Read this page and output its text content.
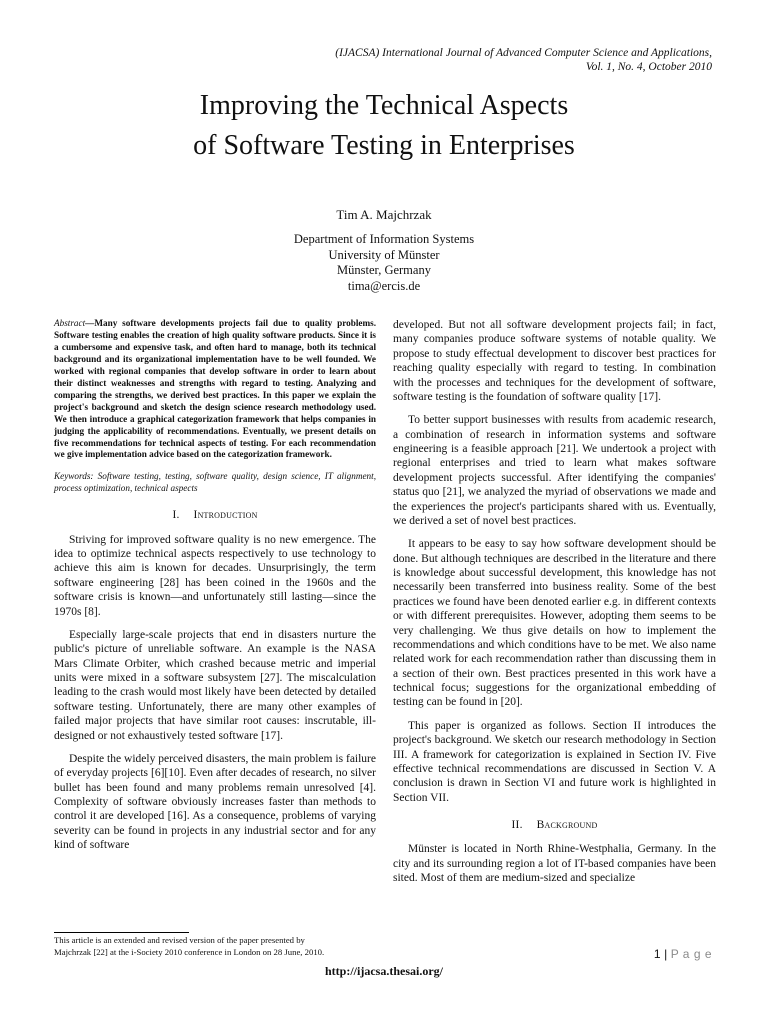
(IJACSA) International Journal of Advanced Computer Science and Applications,
Vol. 1, No. 4, October 2010
Improving the Technical Aspects
of Software Testing in Enterprises
Tim A. Majchrzak
Department of Information Systems
University of Münster
Münster, Germany
tima@ercis.de
Abstract—Many software developments projects fail due to quality problems. Software testing enables the creation of high quality software products. Since it is a cumbersome and expensive task, and often hard to manage, both its technical background and its organizational implementation have to be well founded. We worked with regional companies that develop software in order to learn about their distinct weaknesses and strengths with regard to testing. Analyzing and comparing the strengths, we derived best practices. In this paper we explain the project's background and sketch the design science research methodology used. We then introduce a graphical categorization framework that helps companies in judging the applicability of recommendations. Eventually, we present details on five recommendations for technical aspects of testing. For each recommendation we give implementation advice based on the categorization framework.
Keywords: Software testing, testing, software quality, design science, IT alignment, process optimization, technical aspects
I. Introduction

Striving for improved software quality is no new emergence. The idea to optimize technical aspects respectively to use technology to achieve this aim is known for decades. Unsurprisingly, the term software engineering [28] has been coined in the 1960s and the software crisis is known—and unfortunately still lasting—since the 1970s [8].

Especially large-scale projects that end in disasters nurture the public's picture of unreliable software. An example is the NASA Mars Climate Orbiter, which crashed because metric and imperial units were mixed in a software subsystem [27]. The miscalculation leading to the crash would most likely have been detected by detailed software testing. Unfortunately, there are many other examples of failed major projects that have similar root causes: inscrutable, ill-designed or not exhaustively tested software [17].

Despite the widely perceived disasters, the main problem is failure of everyday projects [6][10]. Even after decades of research, no silver bullet has been found and many problems remain unresolved [4]. Complexity of software obviously increases faster than methods to control it are developed [16]. As a consequence, problems of varying severity can be found in projects in any industrial sector and for any kind of software

developed. But not all software development projects fail; in fact, many companies produce software systems of notable quality. We propose to study effectual development to discover best practices for reaching quality especially with regard to testing. In combination with the processes and techniques for the development of software, software testing is the foundation of software quality [17].

To better support businesses with results from academic research, a combination of research in information systems and software engineering is a feasible approach [21]. We undertook a project with regional enterprises and tried to learn what makes software development projects successful. After identifying the companies' status quo [21], we analyzed the myriad of observations we made and the experiences the project's participants shared with us. Eventually, we derived a set of novel best practices.

It appears to be easy to say how software development should be done. But although techniques are described in the literature and there is knowledge about successful development, this knowledge has not necessarily been transferred into business reality. Some of the best practices we found have been denoted earlier e.g. in different contexts or with different prerequisites. However, adopting them seems to be very challenging. We thus give details on how to implement the recommendations and which conditions have to be met. We also name related work for each recommendation rather than discussing them in a section of their own. Best practices presented in this work have a technical focus; suggestions for the organizational embedding of testing can be found in [20].

This paper is organized as follows. Section II introduces the project's background. We sketch our research methodology in Section III. A framework for categorization is explained in Section IV. Five effective technical recommendations are discussed in Section V. A conclusion is drawn in Section VI and future work is highlighted in Section VII.

II. Background

Münster is located in North Rhine-Westphalia, Germany. In the city and its surrounding region a lot of IT-based companies have been sited. Most of them are medium-sized and specialize

This article is an extended and revised version of the paper presented by
Majchrzak [22] at the i-Society 2010 conference in London on 28 June, 2010.	1 | P a g e
http://ijacsa.thesai.org/
